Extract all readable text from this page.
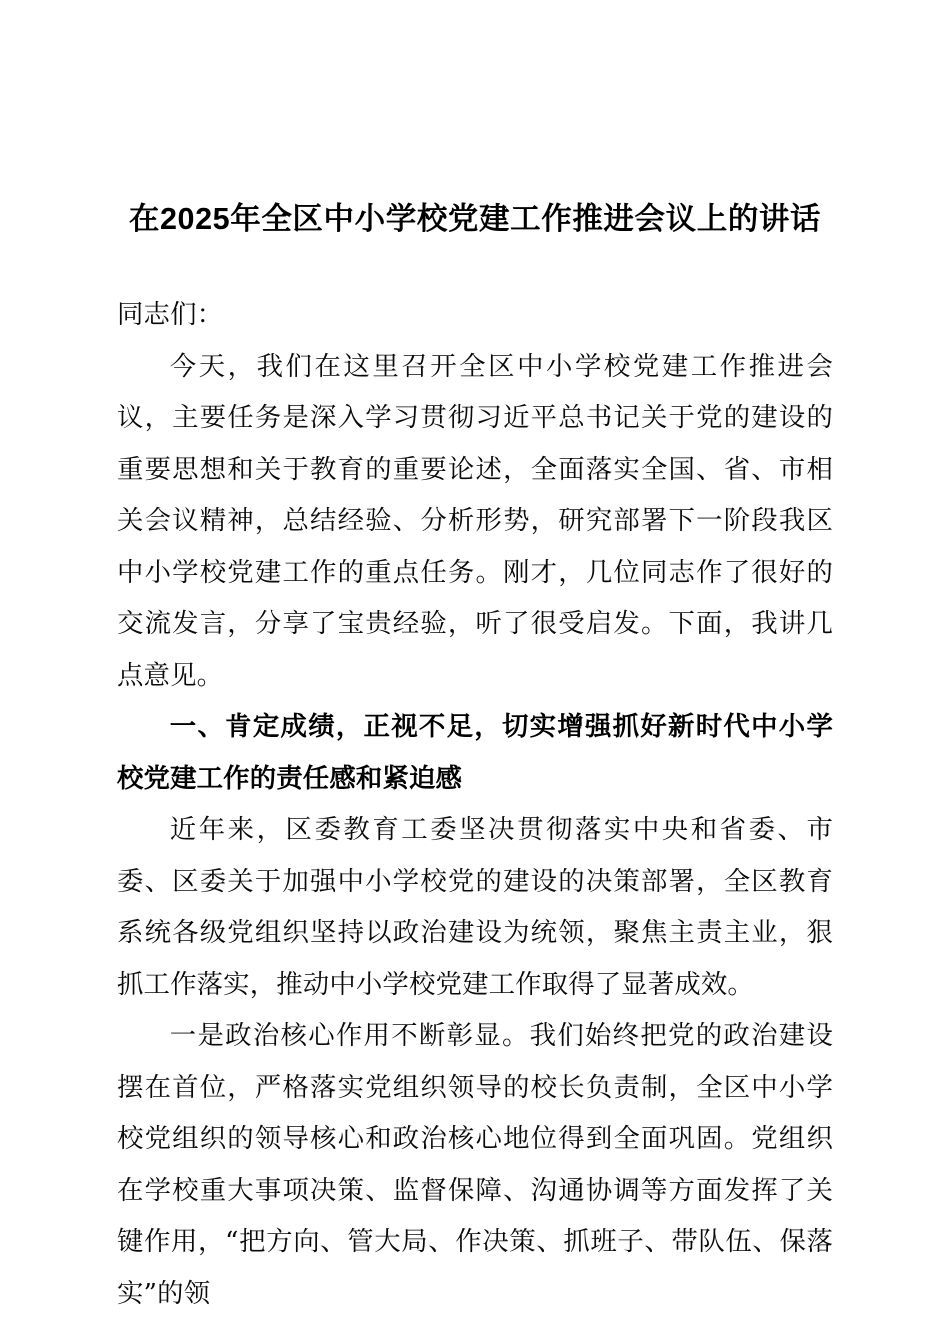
在2025年全区中小学校党建工作推进会议上的讲话

同志们：

今天，我们在这里召开全区中小学校党建工作推进会议，主要任务是深入学习贯彻习近平总书记关于党的建设的重要思想和关于教育的重要论述，全面落实全国、省、市相关会议精神，总结经验、分析形势，研究部署下一阶段我区中小学校党建工作的重点任务。刚才，几位同志作了很好的交流发言，分享了宝贵经验，听了很受启发。下面，我讲几点意见。

一、肯定成绩，正视不足，切实增强抓好新时代中小学校党建工作的责任感和紧迫感

近年来，区委教育工委坚决贯彻落实中央和省委、市委、区委关于加强中小学校党的建设的决策部署，全区教育系统各级党组织坚持以政治建设为统领，聚焦主责主业，狠抓工作落实，推动中小学校党建工作取得了显著成效。

一是政治核心作用不断彰显。我们始终把党的政治建设摆在首位，严格落实党组织领导的校长负责制，全区中小学校党组织的领导核心和政治核心地位得到全面巩固。党组织在学校重大事项决策、监督保障、沟通协调等方面发挥了关键作用，“把方向、管大局、作决策、抓班子、带队伍、保落实”的领
